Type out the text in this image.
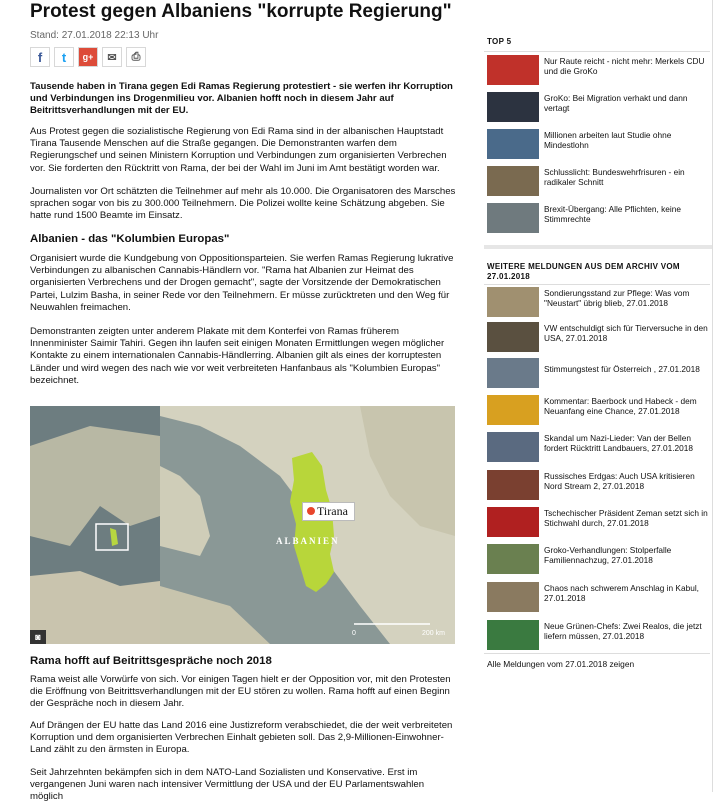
Protest gegen Albaniens "korrupte Regierung"
Stand: 27.01.2018 22:13 Uhr
f	t	g+	✉	⎙

Tausende haben in Tirana gegen Edi Ramas Regierung protestiert - sie werfen ihr Korruption und Verbindungen ins Drogenmilieu vor. Albanien hofft noch in diesem Jahr auf Beitrittsverhandlungen mit der EU.

Aus Protest gegen die sozialistische Regierung von Edi Rama sind in der albanischen Hauptstadt Tirana Tausende Menschen auf die Straße gegangen. Die Demonstranten warfen dem Regierungschef und seinen Ministern Korruption und Verbindungen zum organisierten Verbrechen vor. Sie forderten den Rücktritt von Rama, der bei der Wahl im Juni im Amt bestätigt worden war.

Journalisten vor Ort schätzten die Teilnehmer auf mehr als 10.000. Die Organisatoren des Marsches sprachen sogar von bis zu 300.000 Teilnehmern. Die Polizei wollte keine Schätzung abgeben. Sie hatte rund 1500 Beamte im Einsatz.

Albanien - das "Kolumbien Europas"

Organisiert wurde die Kundgebung von Oppositionsparteien. Sie werfen Ramas Regierung lukrative Verbindungen zu albanischen Cannabis-Händlern vor. "Rama hat Albanien zur Heimat des organisierten Verbrechens und der Drogen gemacht", sagte der Vorsitzende der Demokratischen Partei, Lulzim Basha, in seiner Rede vor den Teilnehmern. Er müsse zurücktreten und den Weg für Neuwahlen freimachen.

Demonstranten zeigten unter anderem Plakate mit dem Konterfei von Ramas früherem Innenminister Saimir Tahiri. Gegen ihn laufen seit einigen Monaten Ermittlungen wegen möglicher Kontakte zu einem internationalen Cannabis-Händlerring. Albanien gilt als eines der korruptesten Länder und wird wegen des nach wie vor weit verbreiteten Hanfanbaus als "Kolumbien Europas" bezeichnet.

ALBANIEN
0	200 km
◙
Tirana
Rama hofft auf Beitrittsgespräche noch 2018

Rama weist alle Vorwürfe von sich. Vor einigen Tagen hielt er der Opposition vor, mit den Protesten die Eröffnung von Beitrittsverhandlungen mit der EU stören zu wollen. Rama hofft auf einen Beginn der Gespräche noch in diesem Jahr.

Auf Drängen der EU hatte das Land 2016 eine Justizreform verabschiedet, die der weit verbreiteten Korruption und dem organisierten Verbrechen Einhalt gebieten soll. Das 2,9-Millionen-Einwohner-Land zählt zu den ärmsten in Europa.

Seit Jahrzehnten bekämpfen sich in dem NATO-Land Sozialisten und Konservative. Erst im vergangenen Juni waren nach intensiver Vermittlung der USA und der EU Parlamentswahlen möglich

TOP 5
Nur Raute reicht - nicht mehr: Merkels CDU und die GroKo
GroKo: Bei Migration verhakt und dann vertagt
Millionen arbeiten laut Studie ohne Mindestlohn
Schlusslicht: Bundeswehrfrisuren - ein radikaler Schnitt
Brexit-Übergang: Alle Pflichten, keine Stimmrechte
WEITERE MELDUNGEN AUS DEM ARCHIV VOM 27.01.2018
Sondierungsstand zur Pflege: Was vom "Neustart" übrig blieb, 27.01.2018
VW entschuldigt sich für Tierversuche in den USA, 27.01.2018
Stimmungstest für Österreich , 27.01.2018
Kommentar: Baerbock und Habeck - dem Neuanfang eine Chance, 27.01.2018
Skandal um Nazi-Lieder: Van der Bellen fordert Rücktritt Landbauers, 27.01.2018
Russisches Erdgas: Auch USA kritisieren Nord Stream 2, 27.01.2018
Tschechischer Präsident Zeman setzt sich in Stichwahl durch, 27.01.2018
Groko-Verhandlungen: Stolperfalle Familiennachzug, 27.01.2018
Chaos nach schwerem Anschlag in Kabul, 27.01.2018
Neue Grünen-Chefs: Zwei Realos, die jetzt liefern müssen, 27.01.2018
Alle Meldungen vom 27.01.2018 zeigen
